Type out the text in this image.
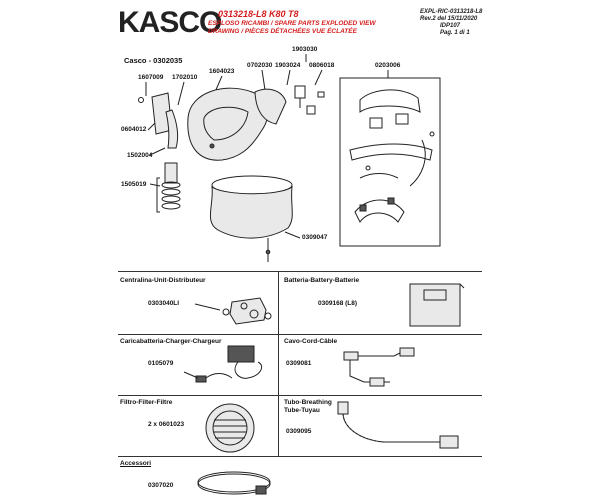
KASCO
0313218-L8 K80 T8
ESPLOSO RICAMBI / SPARE PARTS EXPLODED VIEW
DRAWING / PIÈCES DÉTACHÉES VUE ÉCLATÉE
EXPL-RIC-0313218-L8
Rev.2 del 15/11/2020
IDP107
Pag. 1 di 1
Casco - 0302035
1607009 1702010
1604023
0702030
1903030
1903024 0806018	0203006
0604012
1502004
1505019
0309047
Centralina-Unit-Distributeur
0303040LI
Batteria-Battery-Batterie
0309168 (L8)
Caricabatteria-Charger-Chargeur
0105079
Cavo-Cord-Câble
0309081
Filtro-Filter-Filtre
2 x 0601023
Tubo-Breathing
Tube-Tuyau
0309095
Accessori
0307020
